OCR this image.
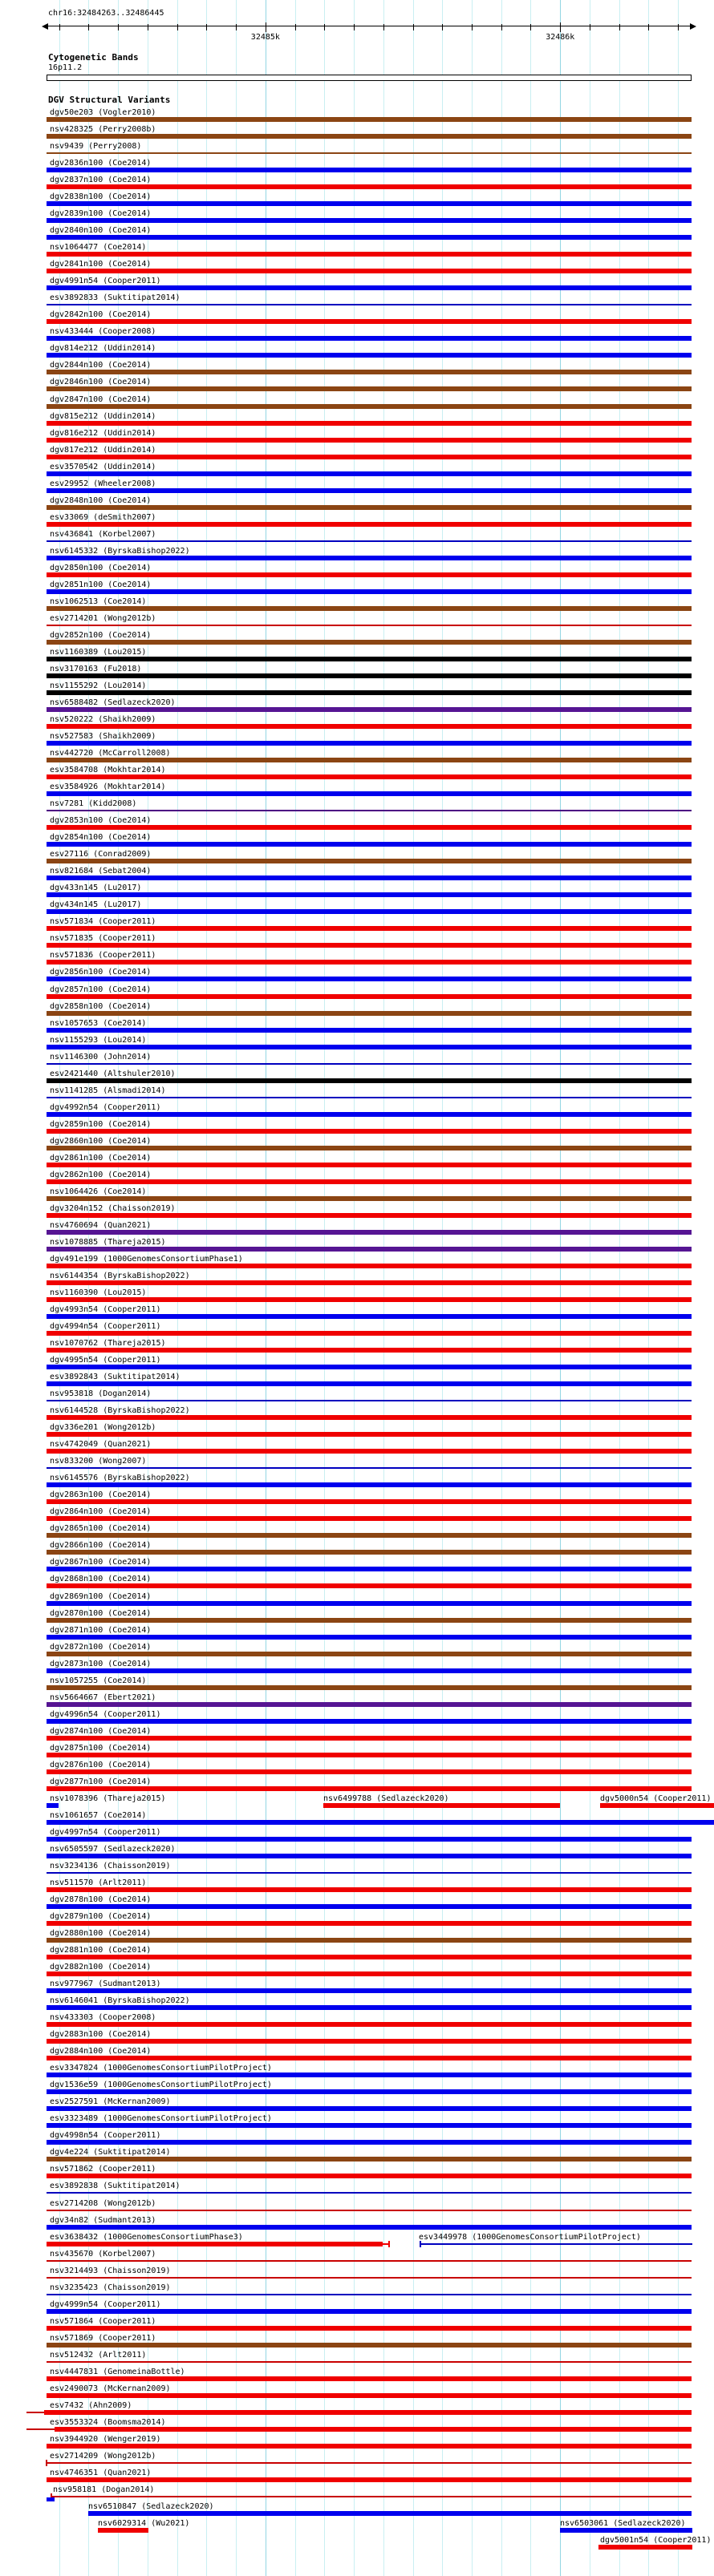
chr16:32484263..32486445
32485k	32486k
Cytogenetic Bands
16p11.2
DGV Structural Variants
dgv50e203 (Vogler2010)
nsv428325 (Perry2008b)
nsv9439 (Perry2008)
dgv2836n100 (Coe2014)
dgv2837n100 (Coe2014)
dgv2838n100 (Coe2014)
dgv2839n100 (Coe2014)
dgv2840n100 (Coe2014)
nsv1064477 (Coe2014)
dgv2841n100 (Coe2014)
dgv4991n54 (Cooper2011)
esv3892833 (Suktitipat2014)
dgv2842n100 (Coe2014)
nsv433444 (Cooper2008)
dgv814e212 (Uddin2014)
dgv2844n100 (Coe2014)
dgv2846n100 (Coe2014)
dgv2847n100 (Coe2014)
dgv815e212 (Uddin2014)
dgv816e212 (Uddin2014)
dgv817e212 (Uddin2014)
esv3570542 (Uddin2014)
esv29952 (Wheeler2008)
dgv2848n100 (Coe2014)
esv33069 (deSmith2007)
nsv436841 (Korbel2007)
nsv6145332 (ByrskaBishop2022)
dgv2850n100 (Coe2014)
dgv2851n100 (Coe2014)
nsv1062513 (Coe2014)
esv2714201 (Wong2012b)
dgv2852n100 (Coe2014)
nsv1160389 (Lou2015)
nsv3170163 (Fu2018)
nsv1155292 (Lou2014)
nsv6588482 (Sedlazeck2020)
nsv520222 (Shaikh2009)
nsv527583 (Shaikh2009)
nsv442720 (McCarroll2008)
esv3584708 (Mokhtar2014)
esv3584926 (Mokhtar2014)
nsv7281 (Kidd2008)
dgv2853n100 (Coe2014)
dgv2854n100 (Coe2014)
esv27116 (Conrad2009)
nsv821684 (Sebat2004)
dgv433n145 (Lu2017)
dgv434n145 (Lu2017)
nsv571834 (Cooper2011)
nsv571835 (Cooper2011)
nsv571836 (Cooper2011)
dgv2856n100 (Coe2014)
dgv2857n100 (Coe2014)
dgv2858n100 (Coe2014)
nsv1057653 (Coe2014)
nsv1155293 (Lou2014)
nsv1146300 (John2014)
esv2421440 (Altshuler2010)
nsv1141285 (Alsmadi2014)
dgv4992n54 (Cooper2011)
dgv2859n100 (Coe2014)
dgv2860n100 (Coe2014)
dgv2861n100 (Coe2014)
dgv2862n100 (Coe2014)
nsv1064426 (Coe2014)
dgv3204n152 (Chaisson2019)
nsv4760694 (Quan2021)
nsv1078885 (Thareja2015)
dgv491e199 (1000GenomesConsortiumPhase1)
nsv6144354 (ByrskaBishop2022)
nsv1160390 (Lou2015)
dgv4993n54 (Cooper2011)
dgv4994n54 (Cooper2011)
nsv1070762 (Thareja2015)
dgv4995n54 (Cooper2011)
esv3892843 (Suktitipat2014)
nsv953818 (Dogan2014)
nsv6144528 (ByrskaBishop2022)
dgv336e201 (Wong2012b)
nsv4742049 (Quan2021)
nsv833200 (Wong2007)
nsv6145576 (ByrskaBishop2022)
dgv2863n100 (Coe2014)
dgv2864n100 (Coe2014)
dgv2865n100 (Coe2014)
dgv2866n100 (Coe2014)
dgv2867n100 (Coe2014)
dgv2868n100 (Coe2014)
dgv2869n100 (Coe2014)
dgv2870n100 (Coe2014)
dgv2871n100 (Coe2014)
dgv2872n100 (Coe2014)
dgv2873n100 (Coe2014)
nsv1057255 (Coe2014)
nsv5664667 (Ebert2021)
dgv4996n54 (Cooper2011)
dgv2874n100 (Coe2014)
dgv2875n100 (Coe2014)
dgv2876n100 (Coe2014)
dgv2877n100 (Coe2014)
nsv1078396 (Thareja2015)	nsv6499788 (Sedlazeck2020)	dgv5000n54 (Cooper2011)
nsv1061657 (Coe2014)
dgv4997n54 (Cooper2011)
nsv6505597 (Sedlazeck2020)
nsv3234136 (Chaisson2019)
nsv511570 (Arlt2011)
dgv2878n100 (Coe2014)
dgv2879n100 (Coe2014)
dgv2880n100 (Coe2014)
dgv2881n100 (Coe2014)
dgv2882n100 (Coe2014)
nsv977967 (Sudmant2013)
nsv6146041 (ByrskaBishop2022)
nsv433303 (Cooper2008)
dgv2883n100 (Coe2014)
dgv2884n100 (Coe2014)
esv3347824 (1000GenomesConsortiumPilotProject)
dgv1536e59 (1000GenomesConsortiumPilotProject)
esv2527591 (McKernan2009)
esv3323489 (1000GenomesConsortiumPilotProject)
dgv4998n54 (Cooper2011)
dgv4e224 (Suktitipat2014)
nsv571862 (Cooper2011)
esv3892838 (Suktitipat2014)
esv2714208 (Wong2012b)
dgv34n82 (Sudmant2013)
esv3638432 (1000GenomesConsortiumPhase3)	esv3449978 (1000GenomesConsortiumPilotProject)
nsv435670 (Korbel2007)
nsv3214493 (Chaisson2019)
nsv3235423 (Chaisson2019)
dgv4999n54 (Cooper2011)
nsv571864 (Cooper2011)
nsv571869 (Cooper2011)
nsv512432 (Arlt2011)
nsv4447831 (GenomeinaBottle)
esv2490073 (McKernan2009)
esv7432 (Ahn2009)
esv3553324 (Boomsma2014)
nsv3944920 (Wenger2019)
esv2714209 (Wong2012b)
nsv4746351 (Quan2021)
nsv958181 (Dogan2014)
nsv6510847 (Sedlazeck2020)
nsv6029314 (Wu2021)	nsv6503061 (Sedlazeck2020)
dgv5001n54 (Cooper2011)
